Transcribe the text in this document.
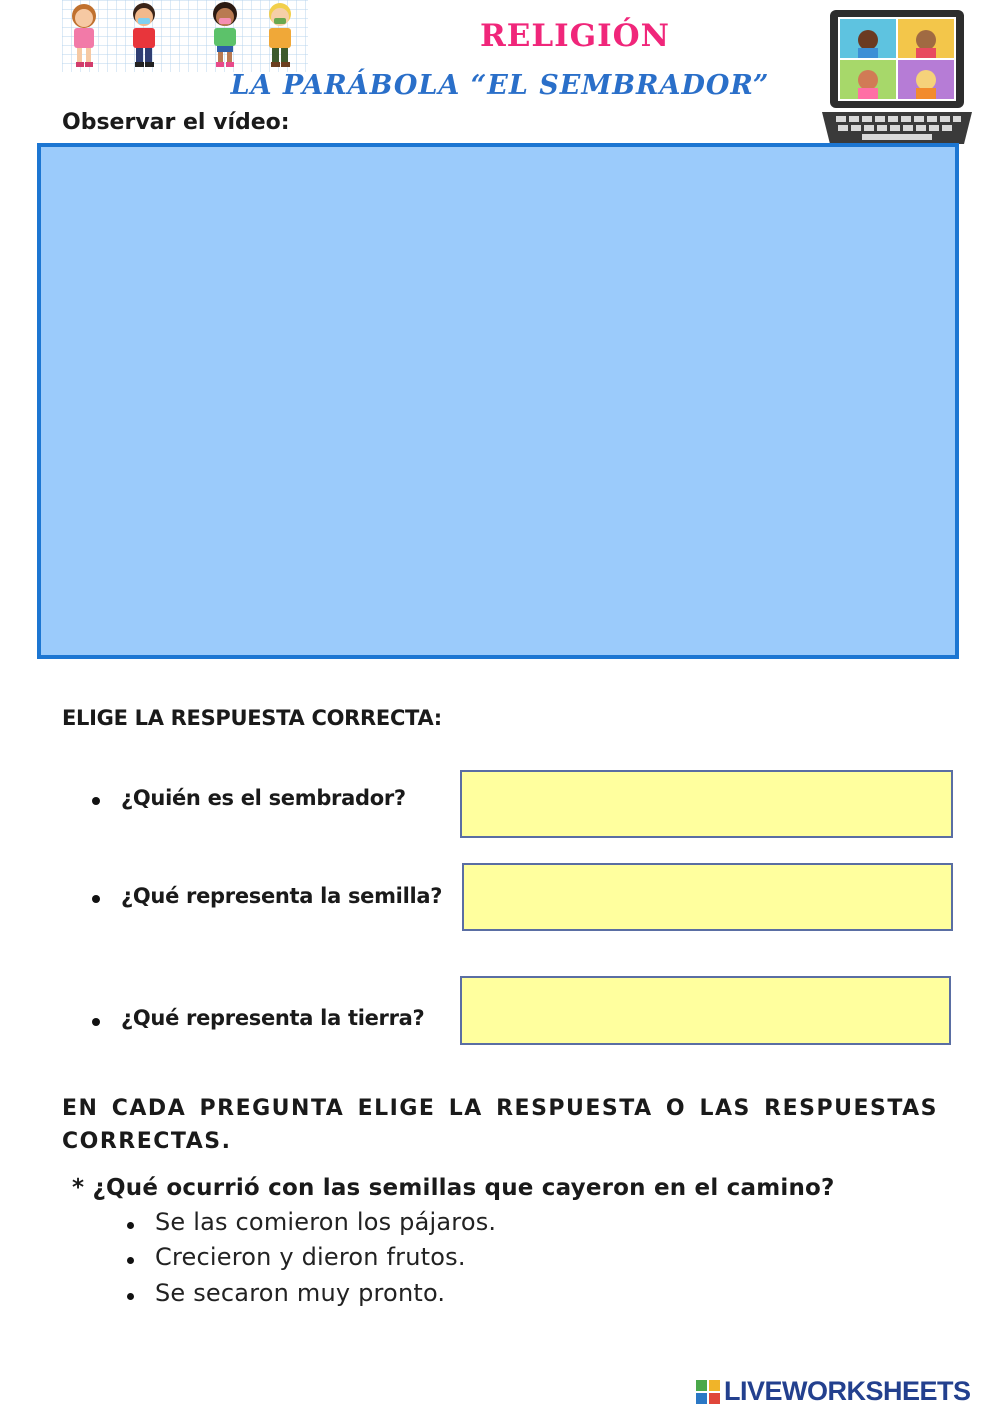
RELIGIÓN
LA PARÁBOLA “EL SEMBRADOR”
Observar el vídeo:
ELIGE LA RESPUESTA CORRECTA:
¿Quién es el sembrador?
¿Qué representa la semilla?
¿Qué representa la tierra?
EN CADA PREGUNTA ELIGE LA RESPUESTA O LAS RESPUESTAS
CORRECTAS.
* ¿Qué ocurrió con las semillas que cayeron en el camino?
Se las comieron los pájaros.
Crecieron y dieron frutos.
Se secaron muy pronto.
LIVEWORKSHEETS
